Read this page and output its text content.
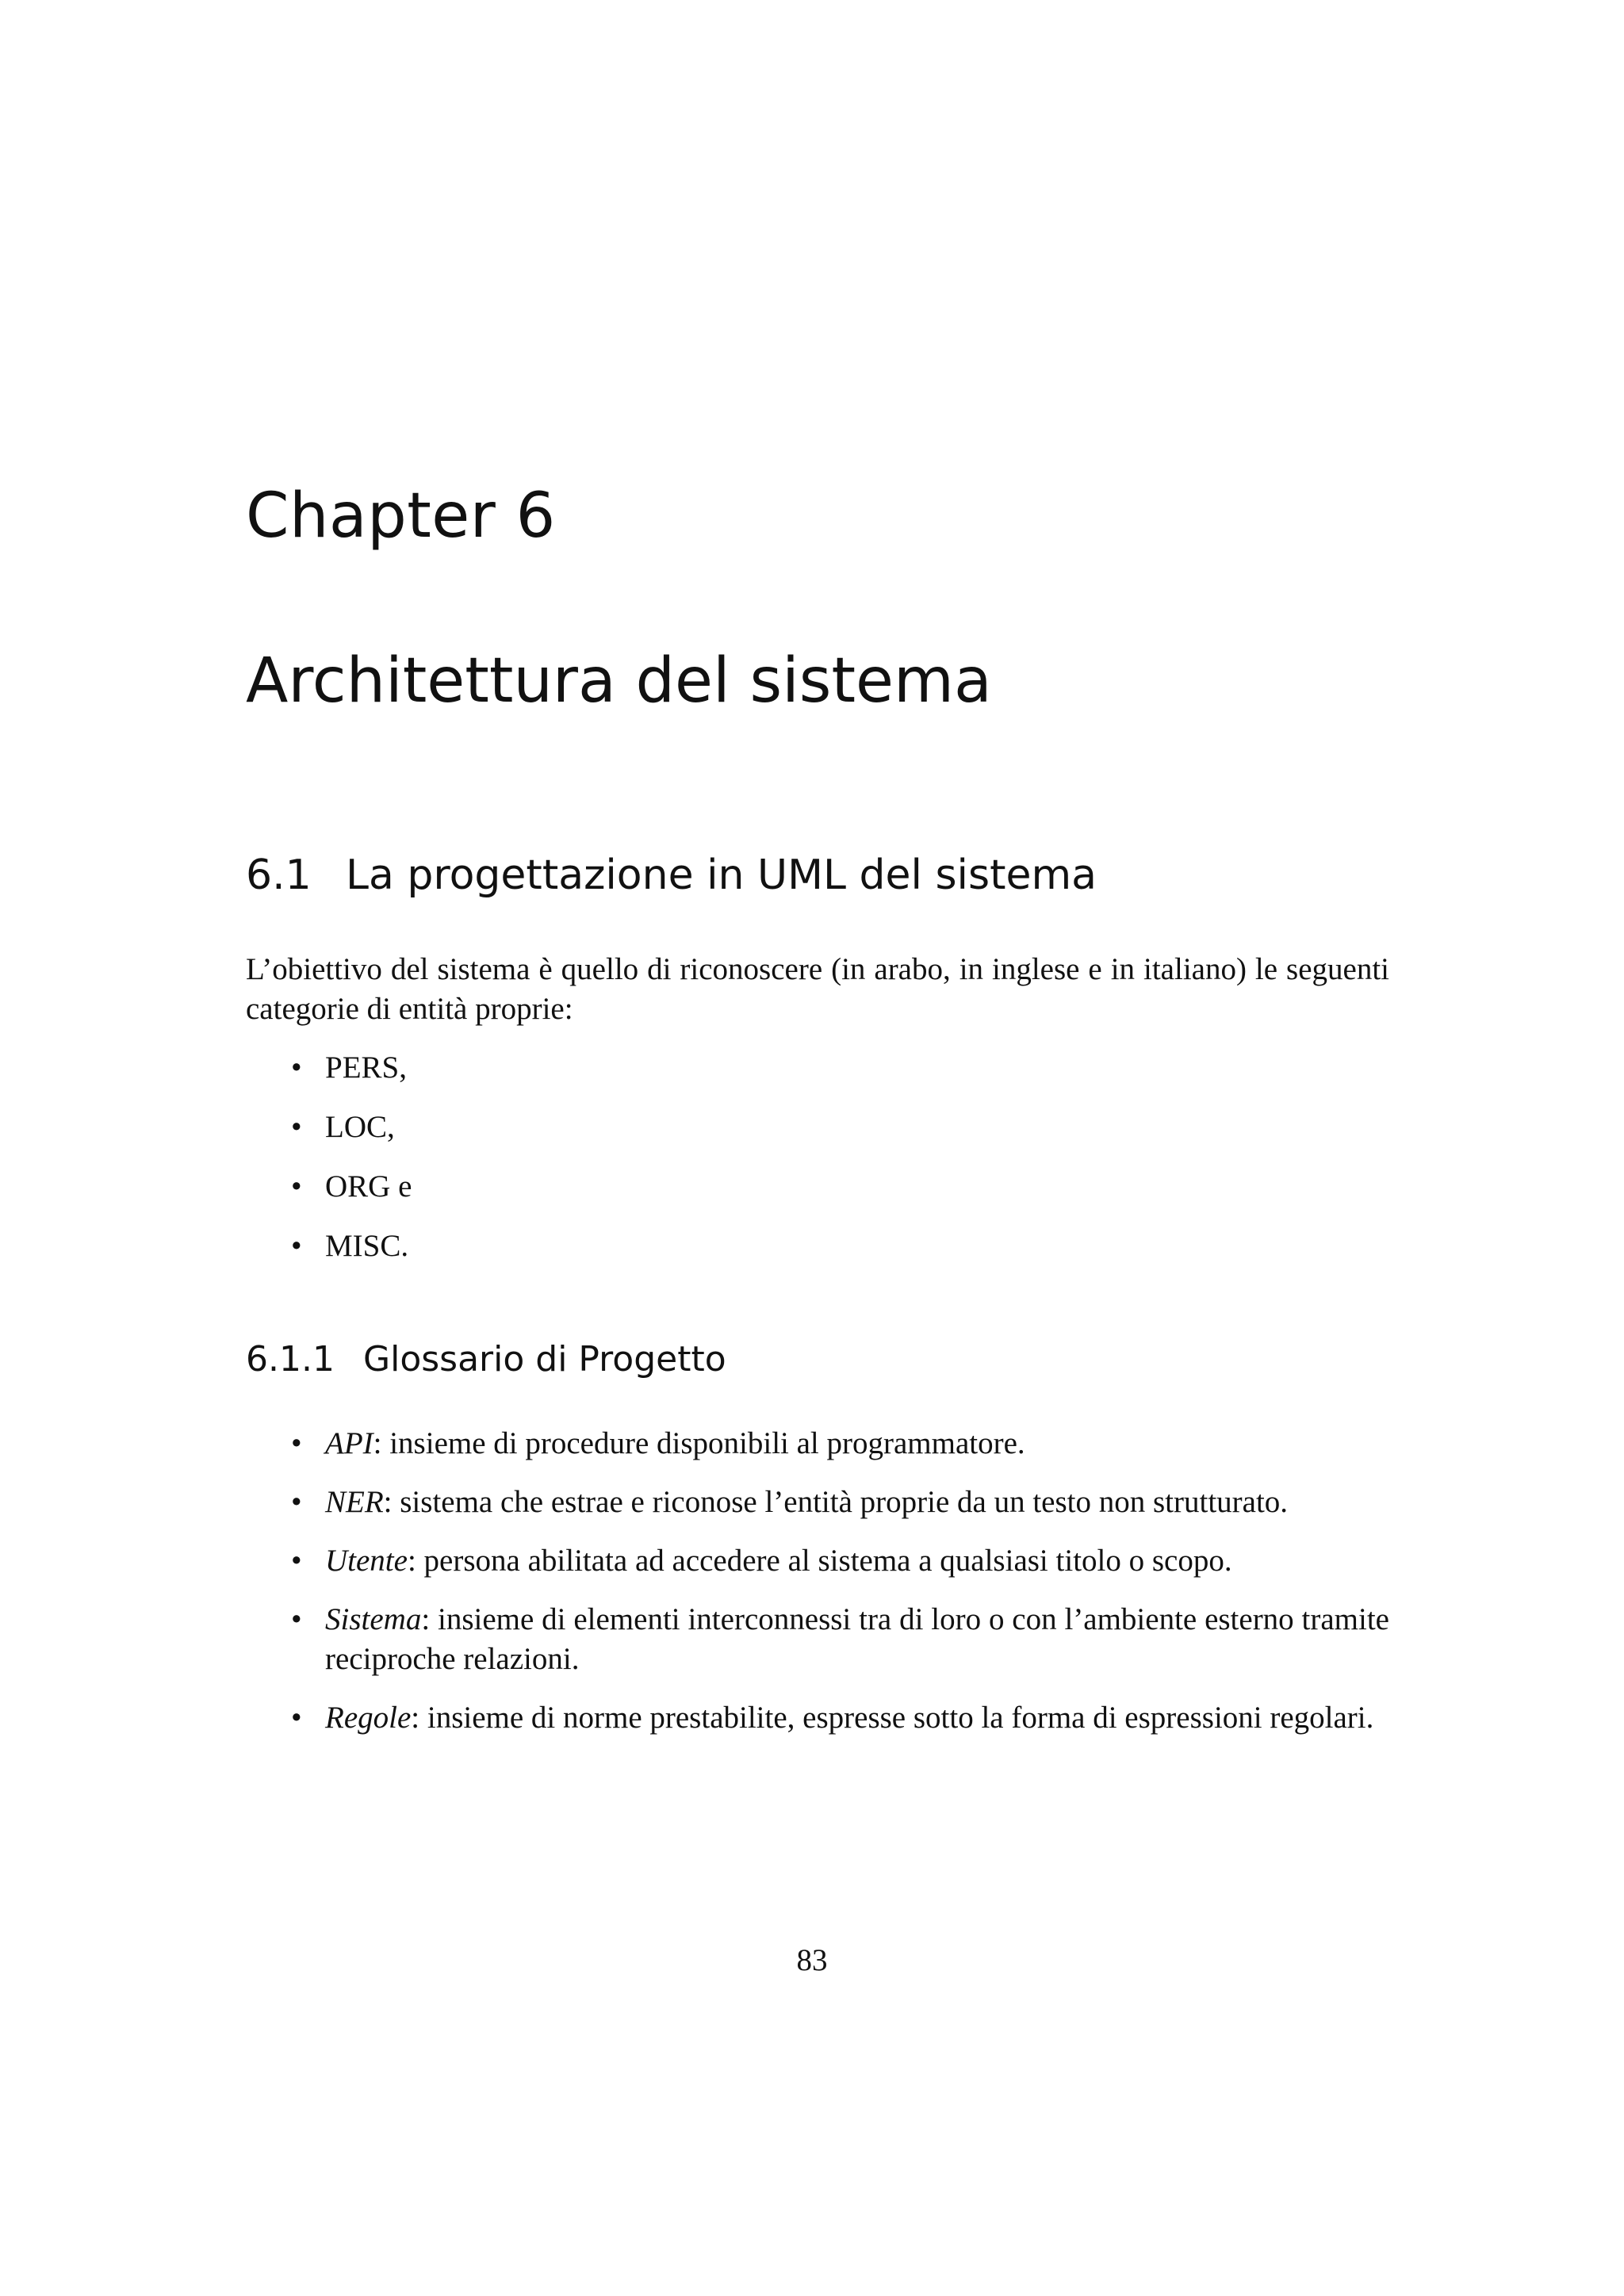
Chapter 6
Architettura del sistema
6.1 La progettazione in UML del sistema

L’obiettivo del sistema è quello di riconoscere (in arabo, in inglese e in italiano) le seguenti categorie di entità proprie:

• PERS,
• LOC,
• ORG e
• MISC.
6.1.1 Glossario di Progetto
• API: insieme di procedure disponibili al programmatore.
• NER: sistema che estrae e riconose l’entità proprie da un testo non strutturato.
• Utente: persona abilitata ad accedere al sistema a qualsiasi titolo o scopo.
• Sistema: insieme di elementi interconnessi tra di loro o con l’ambiente esterno tramite reciproche relazioni.
• Regole: insieme di norme prestabilite, espresse sotto la forma di espressioni regolari.
83
